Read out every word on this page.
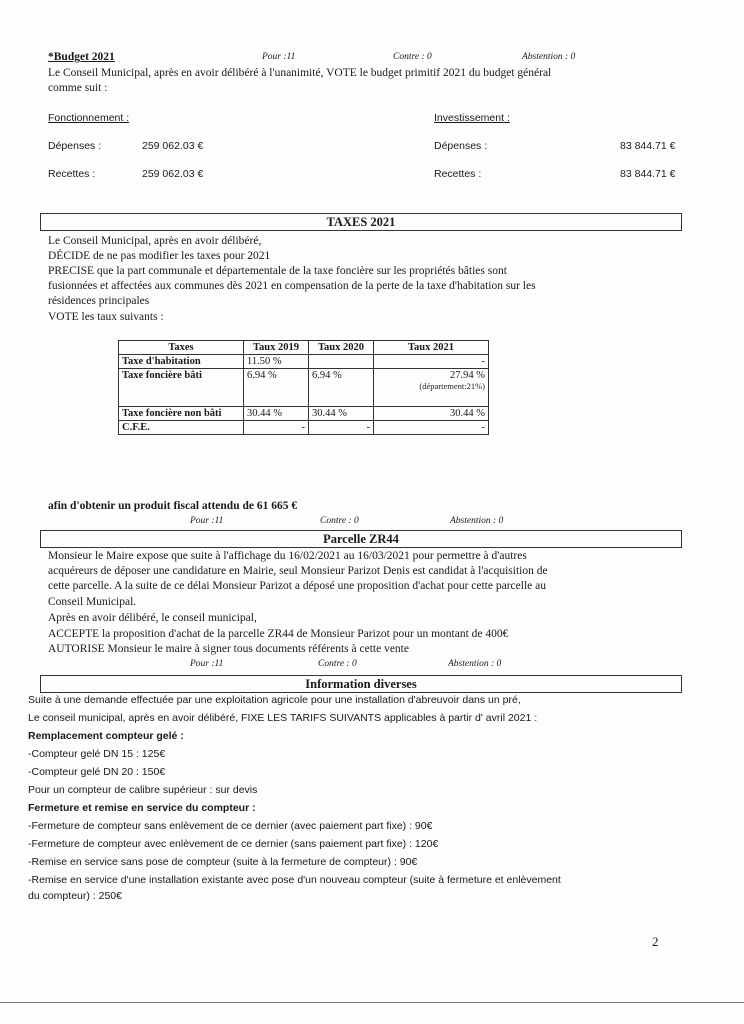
*Budget 2021	Pour :11	Contre : 0	Abstention : 0
Le Conseil Municipal, après en avoir délibéré à l'unanimité, VOTE le budget primitif 2021 du budget général
comme suit :
Fonctionnement :	Investissement :
Dépenses :	259 062.03 €	Dépenses :	83 844.71 €
Recettes :	259 062.03 €	Recettes :	83 844.71 €
TAXES 2021
Le Conseil Municipal, après en avoir délibéré,
DÉCIDE de ne pas modifier les taxes pour 2021
PRECISE que la part communale et départementale de la taxe foncière sur les propriétés bâties sont
fusionnées et affectées aux communes dès 2021 en compensation de la perte de la taxe d'habitation sur les
résidences principales
VOTE les taux suivants :
Taxes	Taux 2019	Taux 2020	Taux 2021
Taxe d'habitation	11.50 %		-
Taxe foncière bâti	6.94 %	6.94 %	27.94 %
(département:21%)

Taxe foncière non bâti	30.44 %	30.44 %	30.44 %
C.F.E.	-	-	-
afin d'obtenir un produit fiscal attendu de 61 665 €
Pour :11	Contre : 0	Abstention : 0
Parcelle ZR44
Monsieur le Maire expose que suite à l'affichage du 16/02/2021 au 16/03/2021 pour permettre à d'autres
acquéreurs de déposer une candidature en Mairie, seul Monsieur Parizot Denis est candidat à l'acquisition de
cette parcelle. A la suite de ce délai Monsieur Parizot a déposé une proposition d'achat pour cette parcelle au
Conseil Municipal.
Après en avoir délibéré, le conseil municipal,
ACCEPTE la proposition d'achat de la parcelle ZR44 de Monsieur Parizot pour un montant de 400€
AUTORISE Monsieur le maire à signer tous documents référents à cette vente
Pour :11	Contre : 0	Abstention : 0
Information diverses
Suite à une demande effectuée par une exploitation agricole pour une installation d'abreuvoir dans un pré,
Le conseil municipal, après en avoir délibéré, FIXE LES TARIFS SUIVANTS applicables à partir d' avril 2021 :
Remplacement compteur gelé :
-Compteur gelé DN 15 : 125€
-Compteur gelé DN 20 : 150€
Pour un compteur de calibre supérieur : sur devis
Fermeture et remise en service du compteur :
-Fermeture de compteur sans enlèvement de ce dernier (avec paiement part fixe) : 90€
-Fermeture de compteur avec enlèvement de ce dernier (sans paiement part fixe) : 120€
-Remise en service sans pose de compteur (suite à la fermeture de compteur) : 90€
-Remise en service d'une installation existante avec pose d'un nouveau compteur (suite à fermeture et enlèvement
du compteur) : 250€
2
